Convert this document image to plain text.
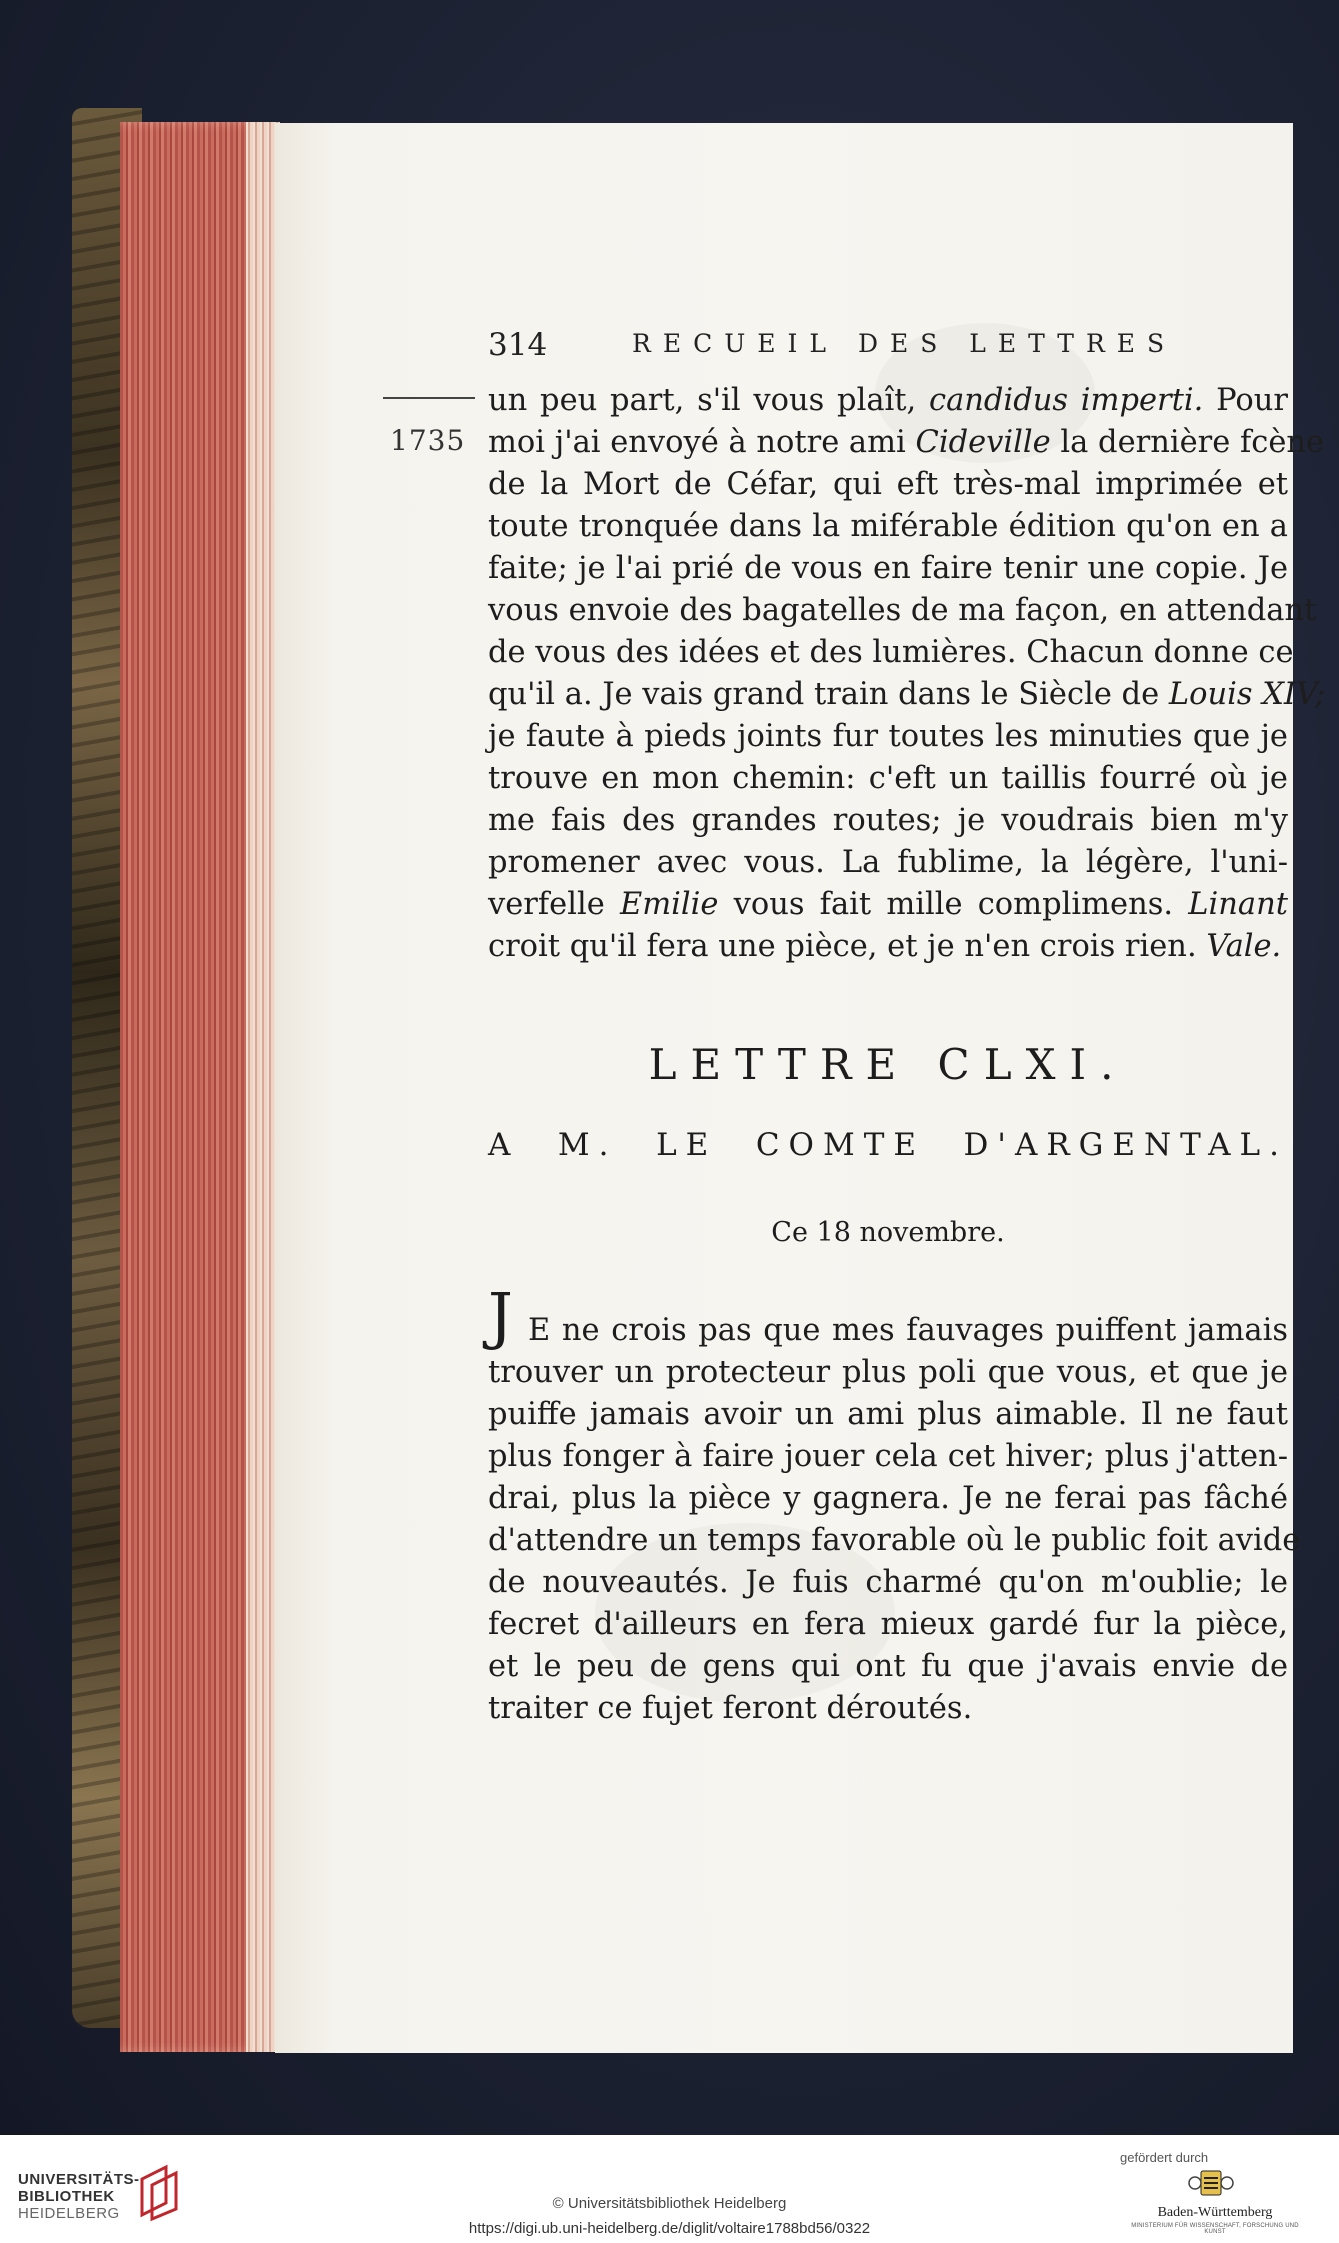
314	RECUEIL DES LETTRES
1735
un peu part, s'il vous plaît, candidus imperti. Pour
moi j'ai envoyé à notre ami Cideville la dernière fcène
de la Mort de Céfar, qui eft très-mal imprimée et
toute tronquée dans la miférable édition qu'on en a
faite; je l'ai prié de vous en faire tenir une copie. Je
vous envoie des bagatelles de ma façon, en attendant
de vous des idées et des lumières. Chacun donne ce
qu'il a. Je vais grand train dans le Siècle de Louis XIV;
je faute à pieds joints fur toutes les minuties que je
trouve en mon chemin: c'eft un taillis fourré où je
me fais des grandes routes; je voudrais bien m'y
promener avec vous. La fublime, la légère, l'uni-
verfelle Emilie vous fait mille complimens. Linant
croit qu'il fera une pièce, et je n'en crois rien. Vale.
LETTRE CLXI.
A M. LE COMTE D'ARGENTAL.
Ce 18 novembre.
J E ne crois pas que mes fauvages puiffent jamais
trouver un protecteur plus poli que vous, et que je
puiffe jamais avoir un ami plus aimable. Il ne faut
plus fonger à faire jouer cela cet hiver; plus j'atten-
drai, plus la pièce y gagnera. Je ne ferai pas fâché
d'attendre un temps favorable où le public foit avide
de nouveautés. Je fuis charmé qu'on m'oublie; le
fecret d'ailleurs en fera mieux gardé fur la pièce,
et le peu de gens qui ont fu que j'avais envie de
traiter ce fujet feront déroutés.
UNIVERSITÄTS-
BIBLIOTHEK
HEIDELBERG
gefördert durch
Baden-Württemberg
MINISTERIUM FÜR WISSENSCHAFT, FORSCHUNG UND KUNST
© Universitätsbibliothek Heidelberg
https://digi.ub.uni-heidelberg.de/diglit/voltaire1788bd56/0322
